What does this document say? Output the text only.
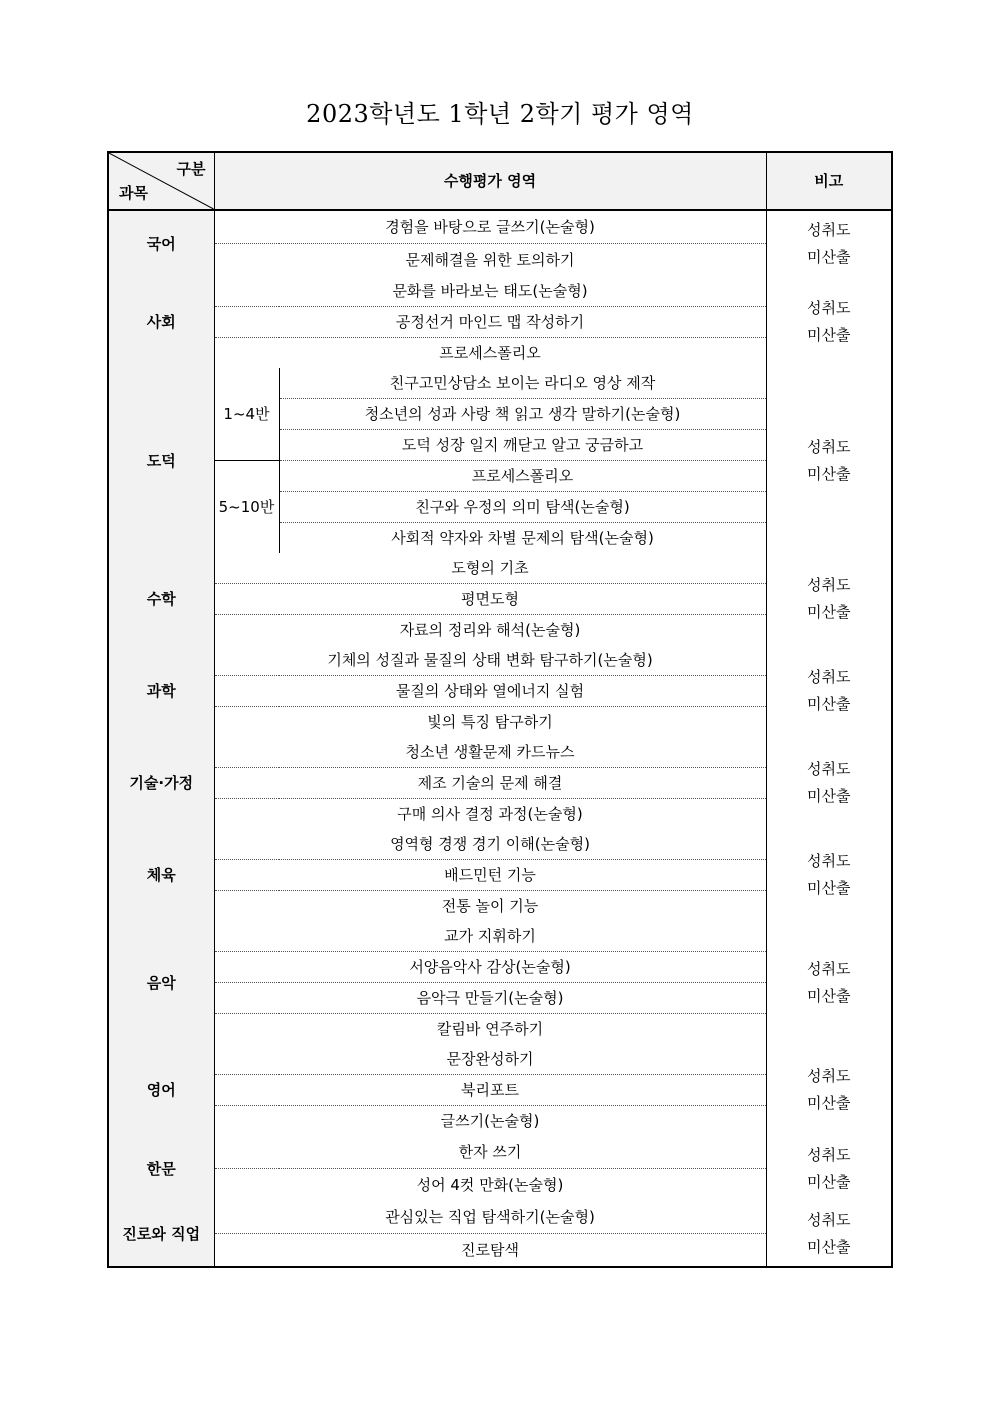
2023학년도 1학년 2학기 평가 영역
구분
과목	수행평가 영역		비고
국어	경험을 바탕으로 글쓰기(논술형)		성취도
미산출

	문제해결을 위한 토의하기		
사회	문화를 바라보는 태도(논술형)		성취도
미산출

	공정선거 마인드 맵 작성하기		
	프로세스폴리오		
도덕	1~4반	친구고민상담소 보이는 라디오 영상 제작	성취도
미산출

		청소년의 성과 사랑 책 읽고 생각 말하기(논술형)	
		도덕 성장 일지 깨닫고 알고 궁금하고	
	5~10반	프로세스폴리오	
		친구와 우정의 의미 탐색(논술형)	
		사회적 약자와 차별 문제의 탐색(논술형)	
수학	도형의 기초		성취도
미산출

	평면도형		
	자료의 정리와 해석(논술형)		
과학	기체의 성질과 물질의 상태 변화 탐구하기(논술형)		성취도
미산출

	물질의 상태와 열에너지 실험		
	빛의 특징 탐구하기		
기술·가정	청소년 생활문제 카드뉴스		성취도
미산출

	제조 기술의 문제 해결		
	구매 의사 결정 과정(논술형)		
체육	영역형 경쟁 경기 이해(논술형)		성취도
미산출

	배드민턴 기능		
	전통 놀이 기능		
음악	교가 지휘하기		성취도
미산출

	서양음악사 감상(논술형)		
	음악극 만들기(논술형)		
	칼림바 연주하기		
영어	문장완성하기		성취도
미산출

	북리포트		
	글쓰기(논술형)		
한문	한자 쓰기		성취도
미산출

	성어 4컷 만화(논술형)		
진로와 직업	관심있는 직업 탐색하기(논술형)		성취도
미산출

	진로탐색		
